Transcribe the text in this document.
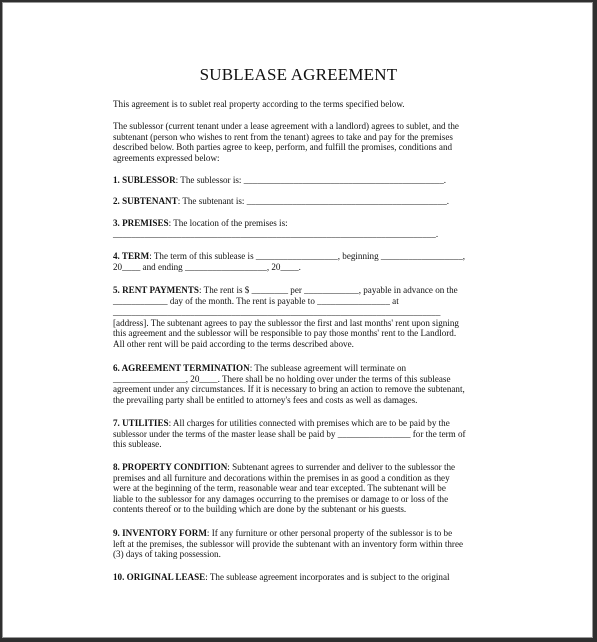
SUBLEASE AGREEMENT
This agreement is to sublet real property according to the terms specified below.
The sublessor (current tenant under a lease agreement with a landlord) agrees to sublet, and the
subtenant (person who wishes to rent from the tenant) agrees to take and pay for the premises
described below. Both parties agree to keep, perform, and fulfill the promises, conditions and
agreements expressed below:
1. SUBLESSOR: The sublessor is: ____________________________________________.
2. SUBTENANT: The subtenant is: ____________________________________________.
3. PREMISES: The location of the premises is:
_______________________________________________________________________.
4. TERM: The term of this sublease is __________________, beginning __________________,
20____ and ending __________________, 20____.
5. RENT PAYMENTS: The rent is $ ________ per ____________, payable in advance on the
____________ day of the month. The rent is payable to ________________ at
________________________________________________________________________
[address]. The subtenant agrees to pay the sublessor the first and last months' rent upon signing
this agreement and the sublessor will be responsible to pay those months' rent to the Landlord.
All other rent will be paid according to the terms described above.
6. AGREEMENT TERMINATION: The sublease agreement will terminate on
________________, 20____. There shall be no holding over under the terms of this sublease
agreement under any circumstances. If it is necessary to bring an action to remove the subtenant,
the prevailing party shall be entitled to attorney's fees and costs as well as damages.
7. UTILITIES: All charges for utilities connected with premises which are to be paid by the
sublessor under the terms of the master lease shall be paid by ________________ for the term of
this sublease.
8. PROPERTY CONDITION: Subtenant agrees to surrender and deliver to the sublessor the
premises and all furniture and decorations within the premises in as good a condition as they
were at the beginning of the term, reasonable wear and tear excepted. The subtenant will be
liable to the sublessor for any damages occurring to the premises or damage to or loss of the
contents thereof or to the building which are done by the subtenant or his guests.
9. INVENTORY FORM: If any furniture or other personal property of the sublessor is to be
left at the premises, the sublessor will provide the subtenant with an inventory form within three
(3) days of taking possession.
10. ORIGINAL LEASE: The sublease agreement incorporates and is subject to the original
